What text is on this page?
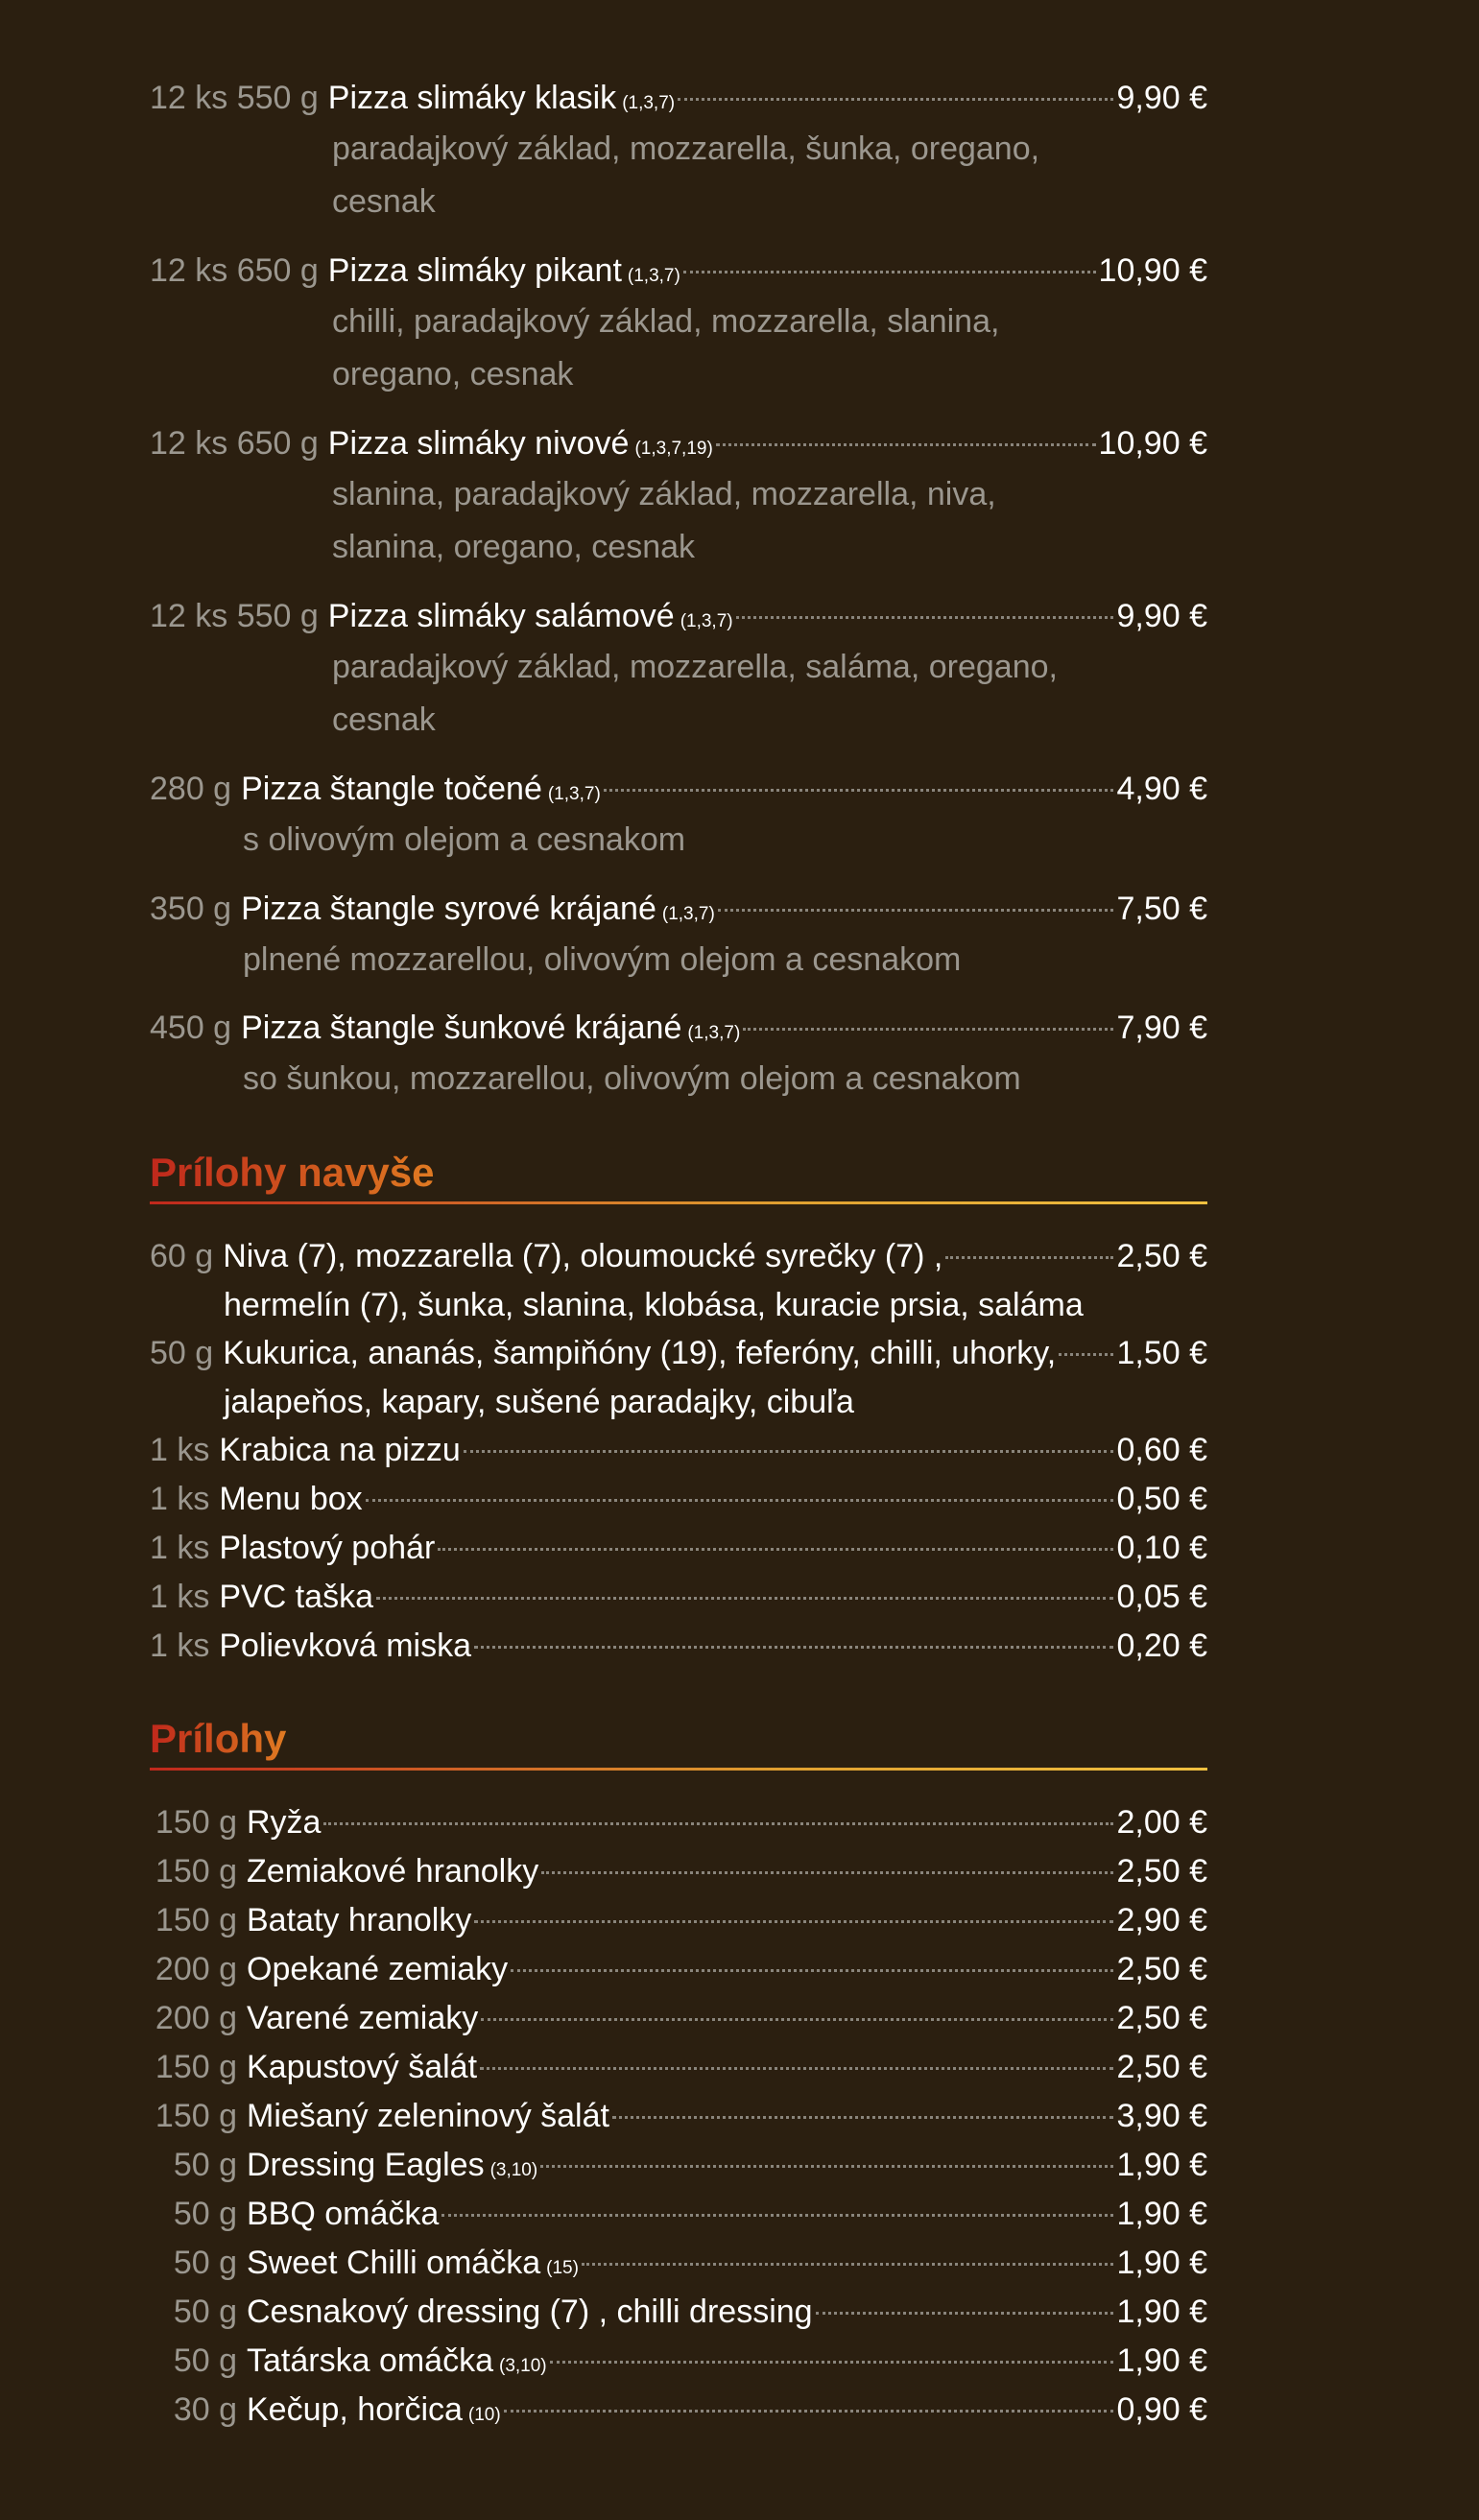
12 ks 550 g Pizza slimáky klasik (1,3,7)	9,90 €
paradajkový základ, mozzarella, šunka, oregano,
cesnak
12 ks 650 g Pizza slimáky pikant (1,3,7)	10,90 €
chilli, paradajkový základ, mozzarella, slanina,
oregano, cesnak
12 ks 650 g Pizza slimáky nivové (1,3,7,19)	10,90 €
slanina, paradajkový základ, mozzarella, niva,
slanina, oregano, cesnak
12 ks 550 g Pizza slimáky salámové (1,3,7)	9,90 €
paradajkový základ, mozzarella, saláma, oregano,
cesnak
280 g Pizza štangle točené (1,3,7)	4,90 €
s olivovým olejom a cesnakom
350 g Pizza štangle syrové krájané (1,3,7)	7,50 €
plnené mozzarellou, olivovým olejom a cesnakom
450 g Pizza štangle šunkové krájané (1,3,7)	7,90 €
so šunkou, mozzarellou, olivovým olejom a cesnakom
Prílohy navyše
60 g Niva (7), mozzarella (7), oloumoucké syrečky (7) ,	2,50 €
hermelín (7), šunka, slanina, klobása, kuracie prsia, saláma
50 g Kukurica, ananás, šampiňóny (19), feferóny, chilli, uhorky, 1,50 €
jalapeňos, kapary, sušené paradajky, cibuľa
1 ks Krabica na pizzu	0,60 €
1 ks Menu box	0,50 €
1 ks Plastový pohár	0,10 €
1 ks PVC taška	0,05 €
1 ks Polievková miska	0,20 €
Prílohy
150 g Ryža	2,00 €
150 g Zemiakové hranolky	2,50 €
150 g Bataty hranolky	2,90 €
200 g Opekané zemiaky	2,50 €
200 g Varené zemiaky	2,50 €
150 g Kapustový šalát	2,50 €
150 g Miešaný zeleninový šalát	3,90 €
50 g Dressing Eagles (3,10)	1,90 €
50 g BBQ omáčka	1,90 €
50 g Sweet Chilli omáčka (15)	1,90 €
50 g Cesnakový dressing (7) , chilli dressing	1,90 €
50 g Tatárska omáčka (3,10)	1,90 €
30 g Kečup, horčica (10)	0,90 €
